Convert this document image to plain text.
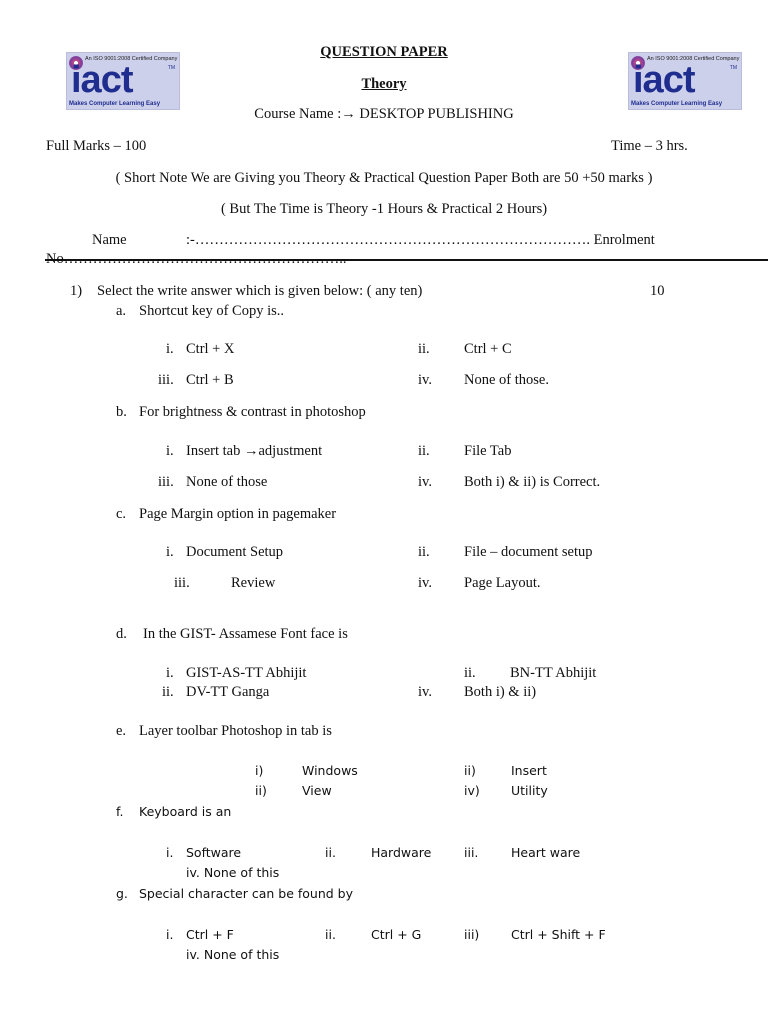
An ISO 9001:2008 Certified Company
iact	TM
Makes Computer Learning Easy
An ISO 9001:2008 Certified Company
iact	TM
Makes Computer Learning Easy
QUESTION PAPER
Theory
Course Name :→ DESKTOP PUBLISHING
Full Marks – 100	Time – 3 hrs.
( Short Note We are Giving you Theory & Practical Question Paper Both are 50 +50 marks )
( But The Time is Theory -1 Hours & Practical 2 Hours)
Name	:-………………………………………………………………………. Enrolment
No…………………………………………………..
1) Select the write answer which is given below: ( any ten)	10
a. Shortcut key of Copy is..
i. Ctrl + X	ii. Ctrl + C
iii. Ctrl + B	iv. None of those.
b. For brightness & contrast in photoshop
i. Insert tab →adjustment	ii. File Tab
iii. None of those	iv. Both i) & ii) is Correct.
c. Page Margin option in pagemaker
i. Document Setup	ii. File – document setup
iii.	Review	iv. Page Layout.
d. In the GIST- Assamese Font face is
i. GIST-AS-TT Abhijit	ii. BN-TT Abhijit
ii. DV-TT Ganga	iv. Both i) & ii)
e. Layer toolbar Photoshop in tab is
i)	Windows	ii)	Insert
ii)	View	iv)	Utility
f. Keyboard is an
i. Software	ii.	Hardware	iii.	Heart ware
iv. None of this
g. Special character can be found by
i. Ctrl + F	ii.	Ctrl + G	iii)	Ctrl + Shift + F
iv. None of this
